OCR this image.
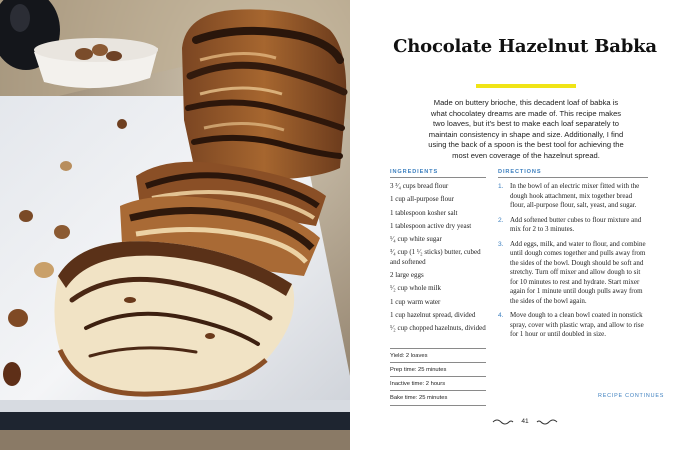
Chocolate Hazelnut Babka
Made on buttery brioche, this decadent loaf of babka is what chocolatey dreams are made of. This recipe makes two loaves, but it's best to make each loaf separately to maintain consistency in shape and size. Additionally, I find using the back of a spoon is the best tool for achieving the most even coverage of the hazelnut spread.
INGREDIENTS	DIRECTIONS
3 ³⁄₄ cups bread flour
1 cup all-purpose flour
1 tablespoon kosher salt
1 tablespoon active dry yeast
¹⁄₄ cup white sugar
³⁄₄ cup (1 ¹⁄₂ sticks) butter, cubed and softened
2 large eggs
¹⁄₂ cup whole milk
1 cup warm water
1 cup hazelnut spread, divided
¹⁄₂ cup chopped hazelnuts, divided
1. In the bowl of an electric mixer fitted with the dough hook attachment, mix together bread flour, all-purpose flour, salt, yeast, and sugar.
2. Add softened butter cubes to flour mixture and mix for 2 to 3 minutes.
3. Add eggs, milk, and water to flour, and combine until dough comes together and pulls away from the sides of the bowl. Dough should be soft and stretchy. Turn off mixer and allow dough to sit for 10 minutes to rest and hydrate. Start mixer again for 1 minute until dough pulls away from the sides of the bowl again.
4. Move dough to a clean bowl coated in nonstick spray, cover with plastic wrap, and allow to rise for 1 hour or until doubled in size.
Yield: 2 loaves
Prep time: 25 minutes
Inactive time: 2 hours
Bake time: 25 minutes	RECIPE CONTINUES
41
